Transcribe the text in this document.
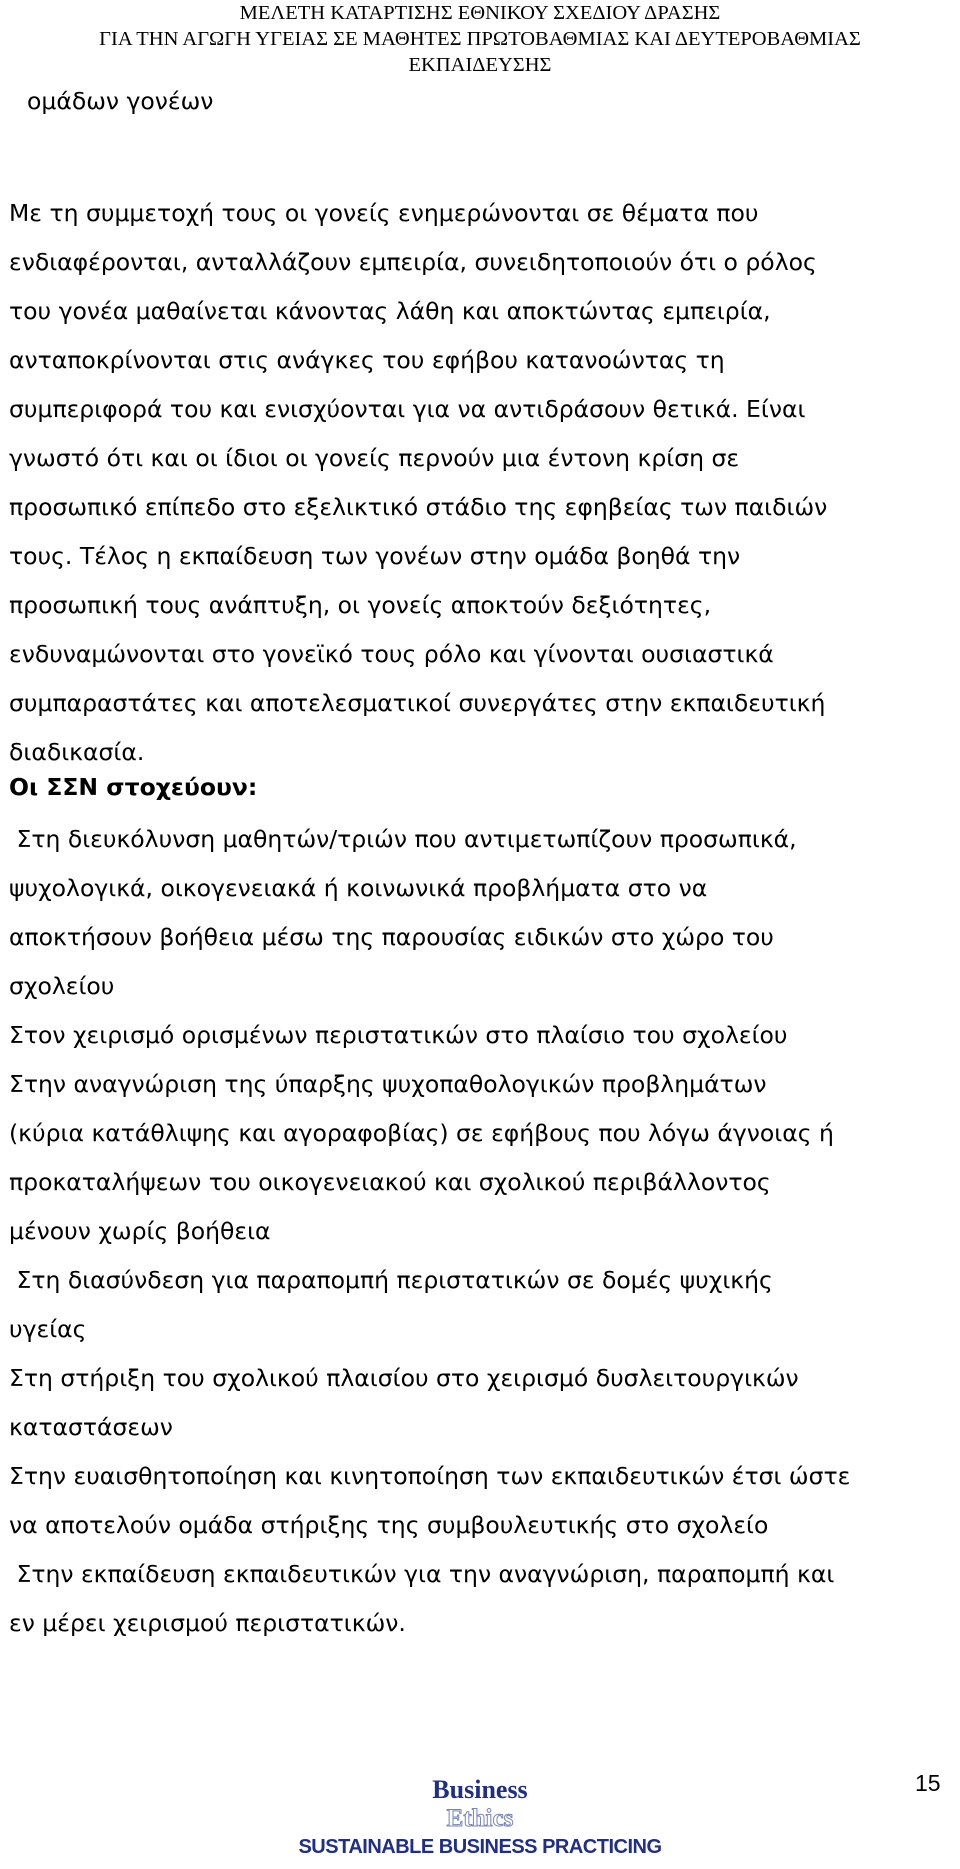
ΜΕΛΕΤΗ ΚΑΤΑΡΤΙΣΗΣ ΕΘΝΙΚΟΥ ΣΧΕΔΙΟΥ ΔΡΑΣΗΣ
ΓΙΑ ΤΗΝ ΑΓΩΓΗ ΥΓΕΙΑΣ ΣΕ ΜΑΘΗΤΕΣ ΠΡΩΤΟΒΑΘΜΙΑΣ ΚΑΙ ΔΕΥΤΕΡΟΒΑΘΜΙΑΣ
ΕΚΠΑΙΔΕΥΣΗΣ
ομάδων γονέων
Με τη συμμετοχή τους οι γονείς ενημερώνονται σε θέματα που
ενδιαφέρονται, ανταλλάζουν εμπειρία, συνειδητοποιούν ότι ο ρόλος
του γονέα μαθαίνεται κάνοντας λάθη και αποκτώντας εμπειρία,
ανταποκρίνονται στις ανάγκες του εφήβου κατανοώντας τη
συμπεριφορά του και ενισχύονται για να αντιδράσουν θετικά. Είναι
γνωστό ότι και οι ίδιοι οι γονείς περνούν μια έντονη κρίση σε
προσωπικό επίπεδο στο εξελικτικό στάδιο της εφηβείας των παιδιών
τους. Τέλος η εκπαίδευση των γονέων στην ομάδα βοηθά την
προσωπική τους ανάπτυξη, οι γονείς αποκτούν δεξιότητες,
ενδυναμώνονται στο γονεϊκό τους ρόλο και γίνονται ουσιαστικά
συμπαραστάτες και αποτελεσματικοί συνεργάτες στην εκπαιδευτική
διαδικασία.
Οι ΣΣΝ στοχεύουν:
Στη διευκόλυνση μαθητών/τριών που αντιμετωπίζουν προσωπικά,
ψυχολογικά, οικογενειακά ή κοινωνικά προβλήματα στο να
αποκτήσουν βοήθεια μέσω της παρουσίας ειδικών στο χώρο του
σχολείου
Στον χειρισμό ορισμένων περιστατικών στο πλαίσιο του σχολείου
Στην αναγνώριση της ύπαρξης ψυχοπαθολογικών προβλημάτων
(κύρια κατάθλιψης και αγοραφοβίας) σε εφήβους που λόγω άγνοιας ή
προκαταλήψεων του οικογενειακού και σχολικού περιβάλλοντος
μένουν χωρίς βοήθεια
Στη διασύνδεση για παραπομπή περιστατικών σε δομές ψυχικής
υγείας
Στη στήριξη του σχολικού πλαισίου στο χειρισμό δυσλειτουργικών
καταστάσεων
Στην ευαισθητοποίηση και κινητοποίηση των εκπαιδευτικών έτσι ώστε
να αποτελούν ομάδα στήριξης της συμβουλευτικής στο σχολείο
Στην εκπαίδευση εκπαιδευτικών για την αναγνώριση, παραπομπή και
εν μέρει χειρισμού περιστατικών.
Business
Ethics
SUSTAINABLE BUSINESS PRACTICING
15
